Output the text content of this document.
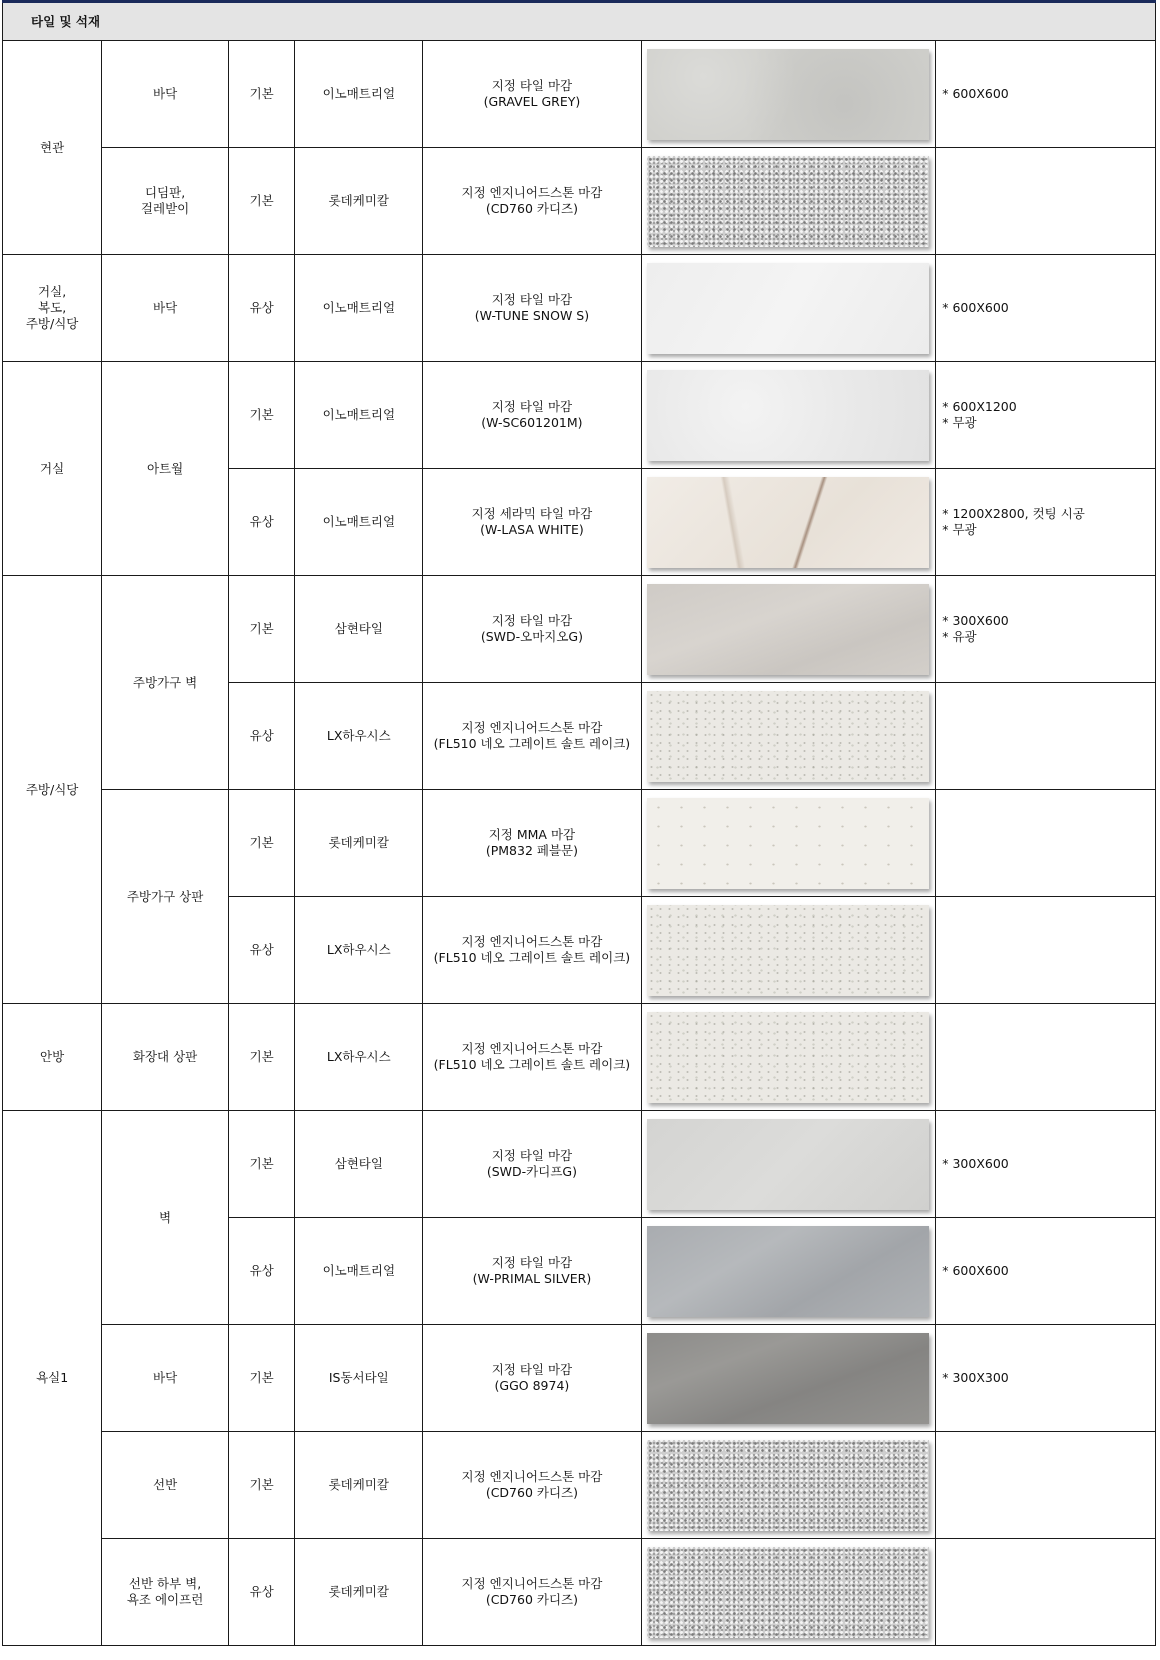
타일 및 석재						
현관	바닥	기본	이노매트리얼	지정 타일 마감
(GRAVEL GREY)		* 600X600
	디딤판,
걸레받이	기본	롯데케미칼	지정 엔지니어드스톤 마감
(CD760 카디즈)	

거실,
복도,
주방/식당	바닥	유상	이노매트리얼	지정 타일 마감
(W-TUNE SNOW S)		* 600X600
거실	아트월	기본	이노매트리얼	지정 타일 마감
(W-SC601201M)		* 600X1200
* 무광
		유상	이노매트리얼	지정 세라믹 타일 마감
(W-LASA WHITE)		* 1200X2800, 컷팅 시공
* 무광
주방/식당	주방가구 벽	기본	삼현타일	지정 타일 마감
(SWD-오마지오G)		* 300X600
* 유광
		유상	LX하우시스	지정 엔지니어드스톤 마감
(FL510 네오 그레이트 솔트 레이크)	

	주방가구 상판	기본	롯데케미칼	지정 MMA 마감
(PM832 페블문)	

		유상	LX하우시스	지정 엔지니어드스톤 마감
(FL510 네오 그레이트 솔트 레이크)	

안방	화장대 상판	기본	LX하우시스	지정 엔지니어드스톤 마감
(FL510 네오 그레이트 솔트 레이크)	

욕실1	벽	기본	삼현타일	지정 타일 마감
(SWD-카디프G)		* 300X600
		유상	이노매트리얼	지정 타일 마감
(W-PRIMAL SILVER)		* 600X600
	바닥	기본	IS동서타일	지정 타일 마감
(GGO 8974)		* 300X300
	선반	기본	롯데케미칼	지정 엔지니어드스톤 마감
(CD760 카디즈)	

	선반 하부 벽,
욕조 에이프런	유상	롯데케미칼	지정 엔지니어드스톤 마감
(CD760 카디즈)	
